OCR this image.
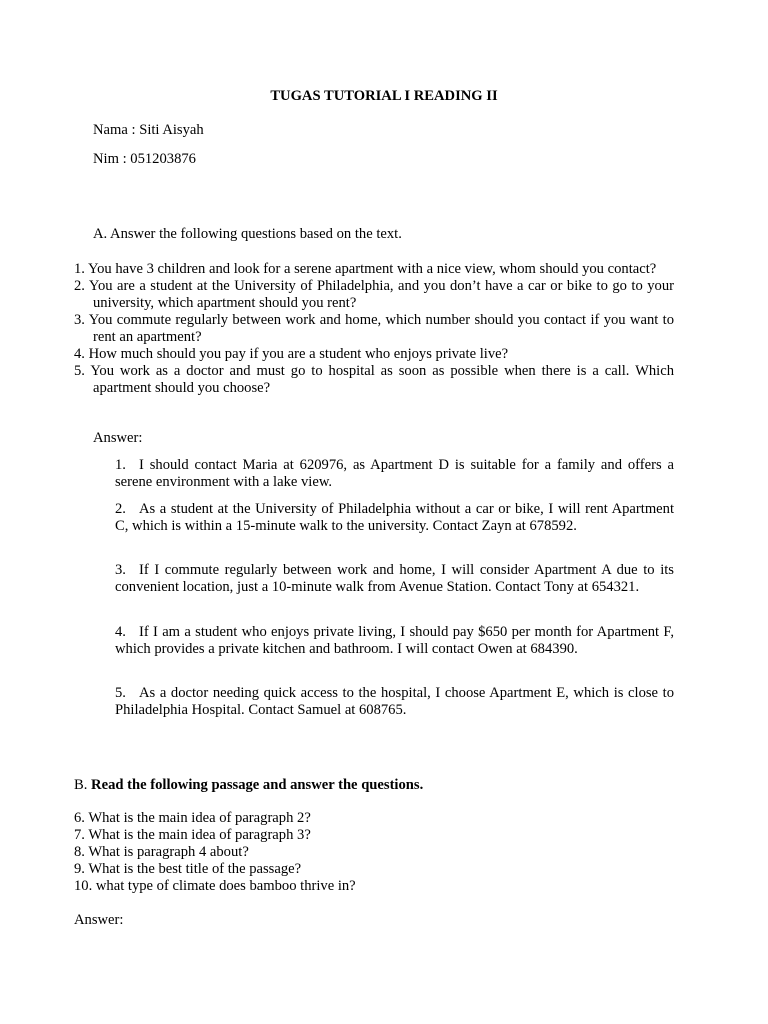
TUGAS TUTORIAL I READING II

Nama : Siti Aisyah

Nim : 051203876

A. Answer the following questions based on the text.

1. You have 3 children and look for a serene apartment with a nice view, whom should you contact?
2. You are a student at the University of Philadelphia, and you don’t have a car or bike to go to your university, which apartment should you rent?
3. You commute regularly between work and home, which number should you contact if you want to rent an apartment?
4. How much should you pay if you are a student who enjoys private live?
5. You work as a doctor and must go to hospital as soon as possible when there is a call. Which apartment should you choose?

Answer:

1. I should contact Maria at 620976, as Apartment D is suitable for a family and offers a serene environment with a lake view.

2. As a student at the University of Philadelphia without a car or bike, I will rent Apartment C, which is within a 15-minute walk to the university. Contact Zayn at 678592.

3. If I commute regularly between work and home, I will consider Apartment A due to its convenient location, just a 10-minute walk from Avenue Station. Contact Tony at 654321.

4. If I am a student who enjoys private living, I should pay $650 per month for Apartment F, which provides a private kitchen and bathroom. I will contact Owen at 684390.

5. As a doctor needing quick access to the hospital, I choose Apartment E, which is close to Philadelphia Hospital. Contact Samuel at 608765.

B. Read the following passage and answer the questions.

6. What is the main idea of paragraph 2?
7. What is the main idea of paragraph 3?
8. What is paragraph 4 about?
9. What is the best title of the passage?
10. what type of climate does bamboo thrive in?

Answer:
